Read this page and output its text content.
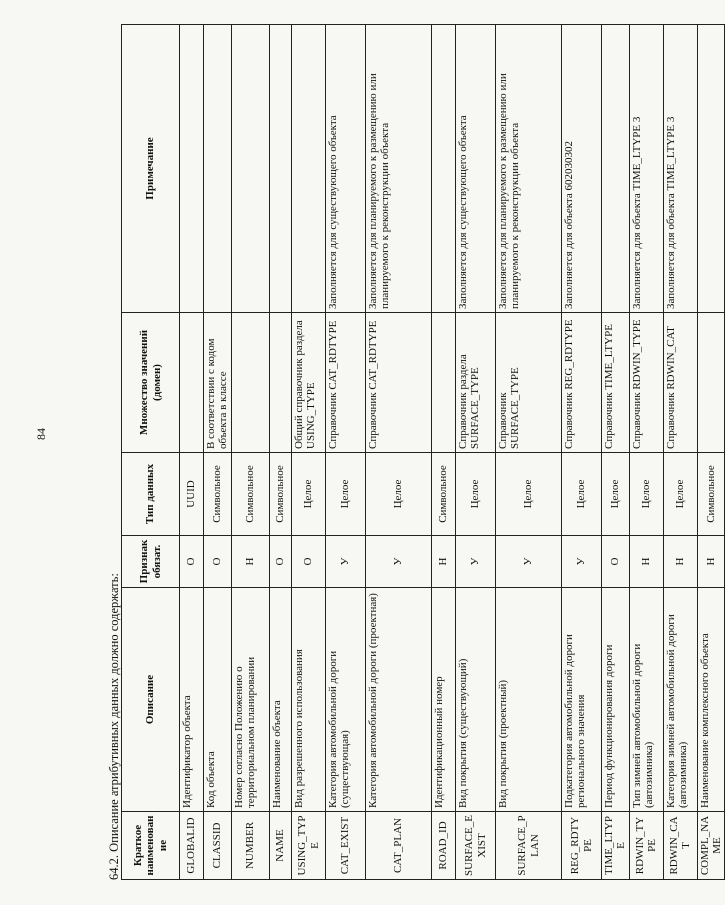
84
64.2. Описание атрибутивных данных должно содержать: Краткое наименование	Описание	Признак обязат.	Тип данных	Множество значений (домен)	Примечание
GLOBALID	Идентификатор объекта	О	UUID		
CLASSID	Код объекта	О	Символьное	В соответствии с кодом объекта в классе	
NUMBER	Номер согласно Положению о территориальном планировании	Н	Символьное		
NAME	Наименование объекта	О	Символьное		
USING_TYPE	Вид разрешенного использования	О	Целое	Общий справочник раздела USING_TYPE	
CAT_EXIST	Категория автомобильной дороги (существующая)	У	Целое	Справочник CAT_RDTYPE	Заполняется для существующего объекта
CAT_PLAN	Категория автомобильной дороги (проектная)	У	Целое	Справочник CAT_RDTYPE	Заполняется для планируемого к размещению или планируемого к реконструкции объекта
ROAD_ID	Идентификационный номер	Н	Символьное		
SURFACE_EXIST	Вид покрытия (существующий)	У	Целое	Справочник раздела SURFACE_TYPE	Заполняется для существующего объекта
SURFACE_PLAN	Вид покрытия (проектный)	У	Целое	Справочник SURFACE_TYPE	Заполняется для планируемого к размещению или планируемого к реконструкции объекта
REG_RDTYPE	Подкатегория автомобильной дороги регионального значения	У	Целое	Справочник REG_RDTYPE	Заполняется для объекта 602030302
TIME_LTYPE	Период функционирования дороги	О	Целое	Справочник TIME_LTYPE	
RDWIN_TYPE	Тип зимней автомобильной дороги (автозимника)	Н	Целое	Справочник RDWIN_TYPE	Заполняется для объекта TIME_LTYPE 3
RDWIN_CAT	Категория зимней автомобильной дороги (автозимника)	Н	Целое	Справочник RDWIN_CAT	Заполняется для объекта TIME_LTYPE 3
COMPL_NAME	Наименование комплексного объекта	Н	Символьное		
